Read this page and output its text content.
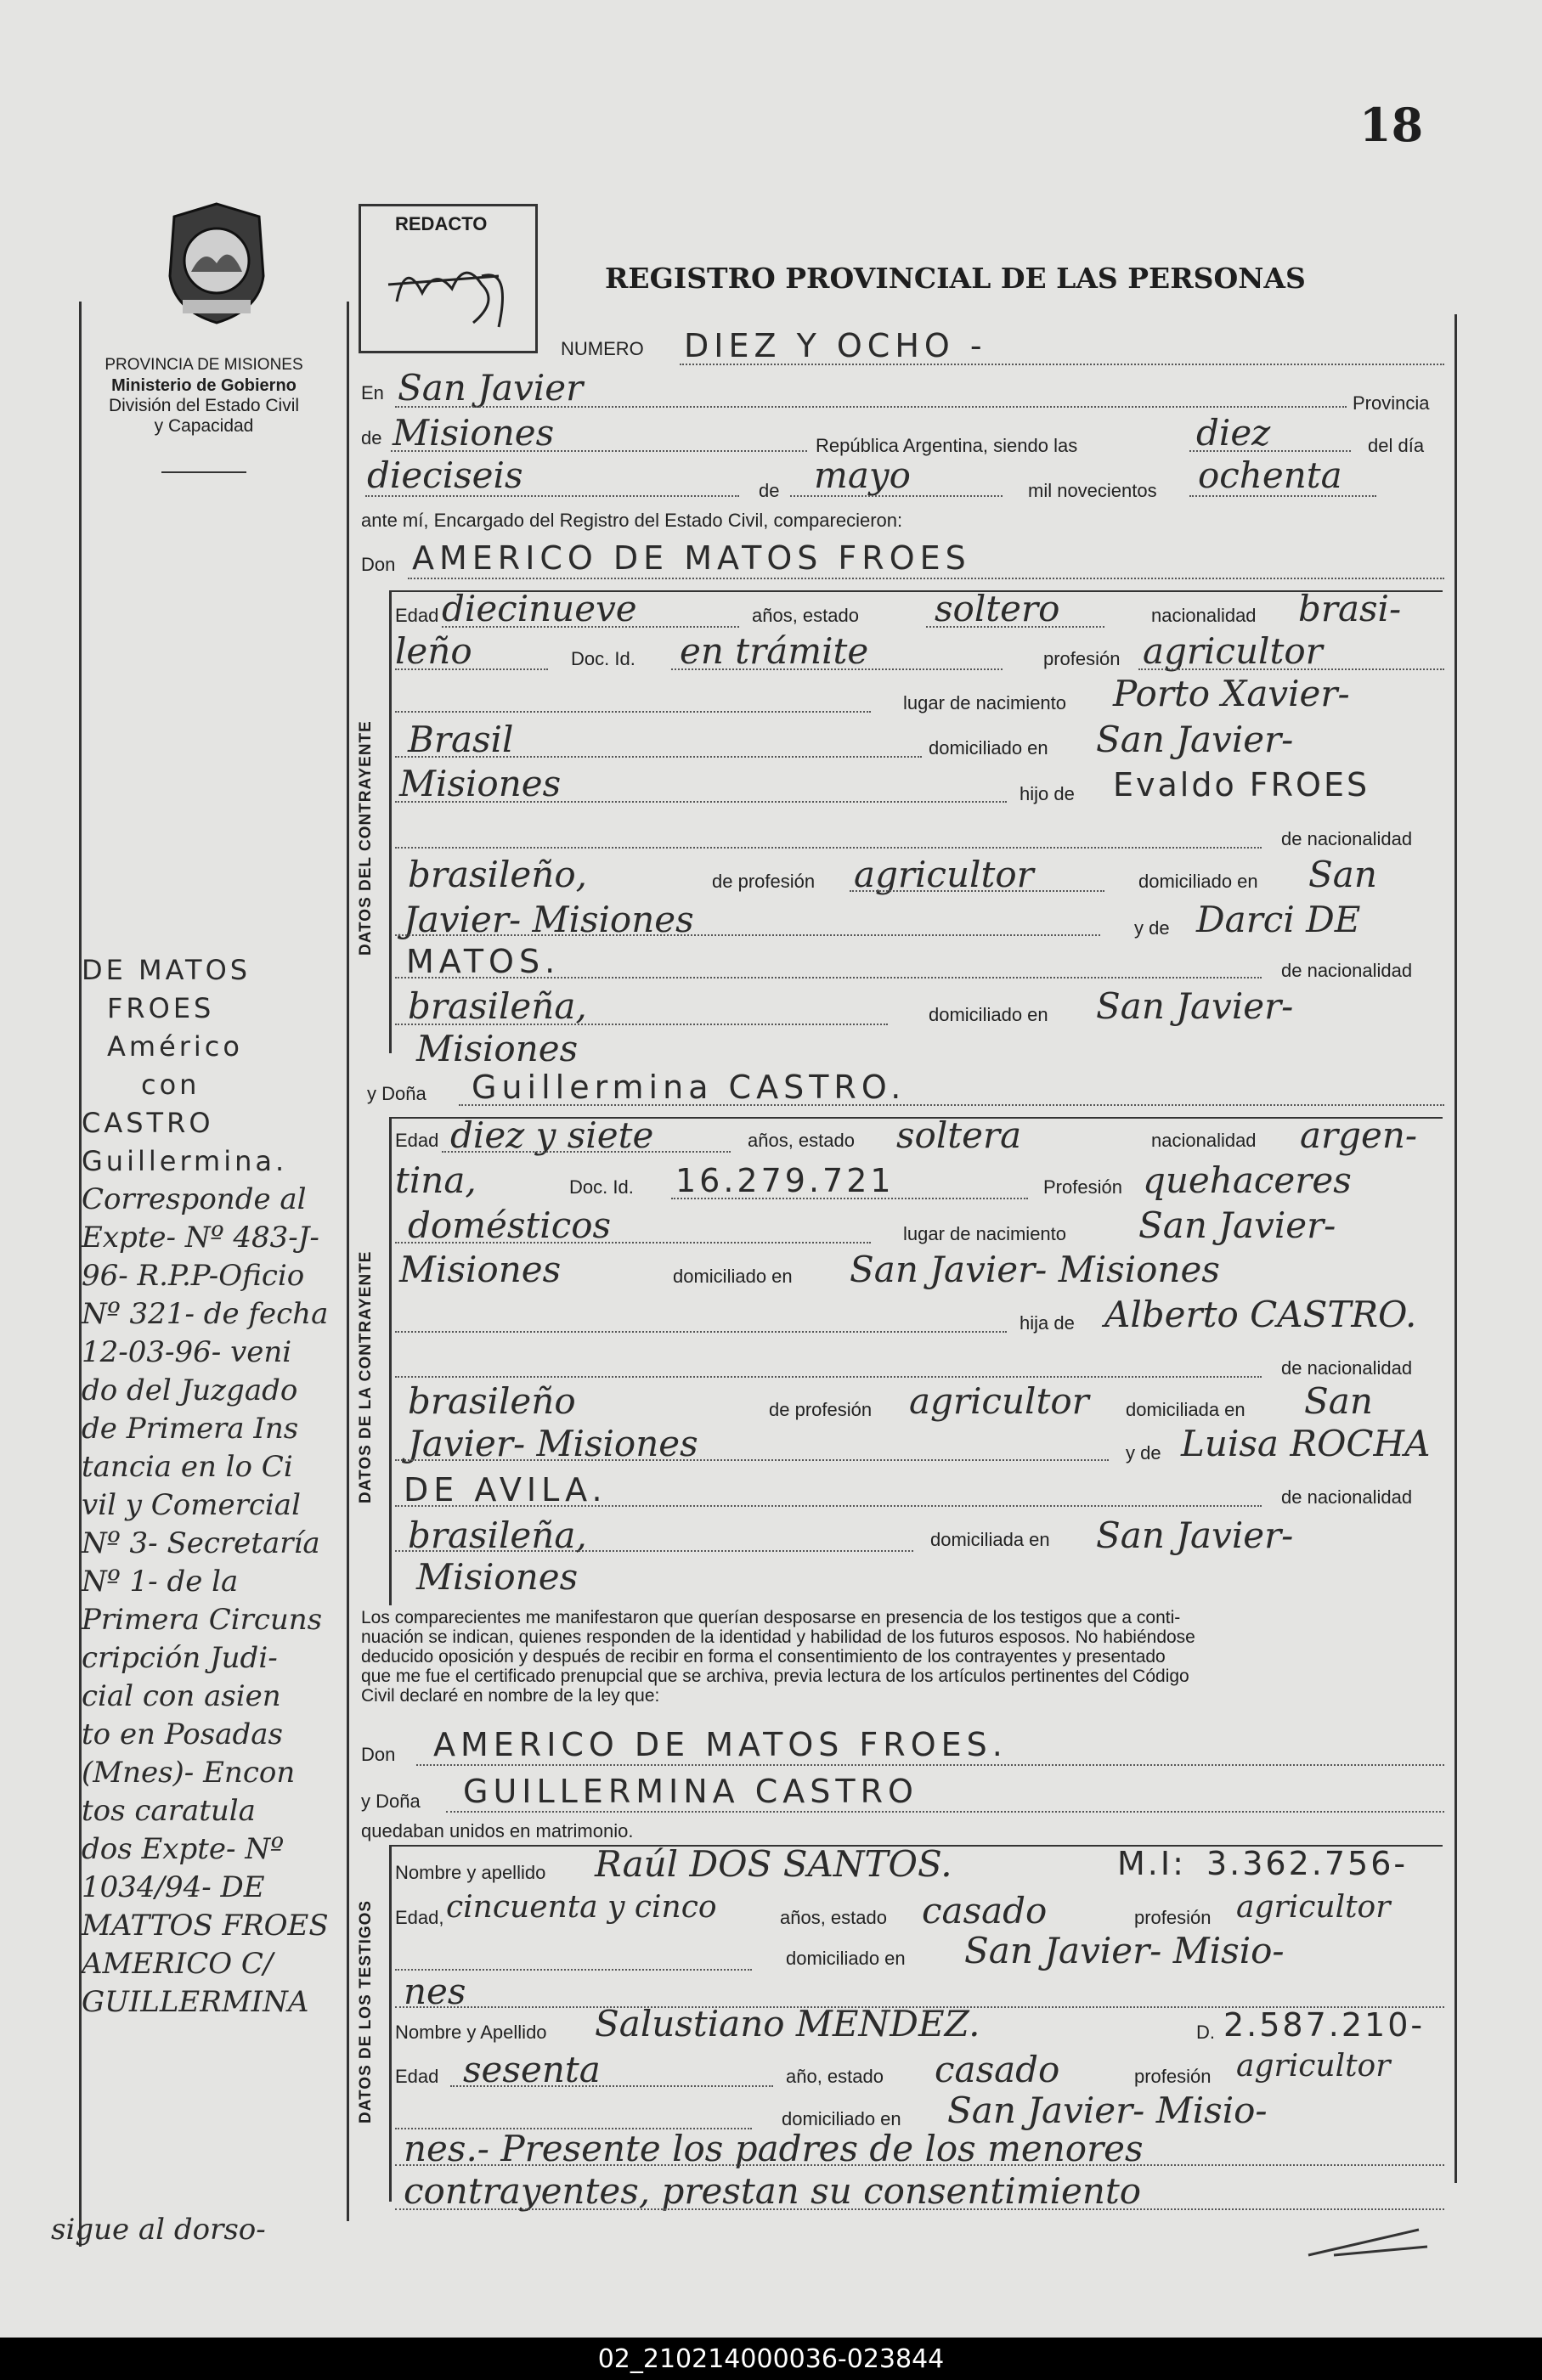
18
PROVINCIA DE MISIONES
Ministerio de Gobierno
División del Estado Civil
y Capacidad
REDACTO
REGISTRO PROVINCIAL DE LAS PERSONAS
NUMERO DIEZ Y OCHO -
En San Javier	Provincia
de Misiones	República Argentina, siendo las	diez	del día
dieciseis	de mayo	mil novecientos ochenta
ante mí, Encargado del Registro del Estado Civil, comparecieron:
Don AMERICO DE MATOS FROES
DATOS DEL CONTRAYENTE
Edad diecinueve	años, estado soltero	nacionalidad brasi-
leño	Doc. Id. en trámite	profesión agricultor
lugar de nacimiento Porto Xavier-
Brasil	domiciliado en San Javier-
Misiones	hijo de Evaldo FROES
de nacionalidad
brasileño,	de profesión agricultor	domiciliado en San
Javier- Misiones	y de Darci DE
MATOS.	de nacionalidad
brasileña,	domiciliado en San Javier-
Misiones
y Doña Guillermina CASTRO.
DATOS DE LA CONTRAYENTE
Edad diez y siete	años, estado soltera	nacionalidad argen-
tina,	Doc. Id. 16.279.721	Profesión quehaceres
domésticos	lugar de nacimiento San Javier-
Misiones	domiciliado en San Javier- Misiones
hija de Alberto CASTRO.
de nacionalidad
brasileño	de profesión agricultor domiciliada en San
Javier- Misiones	y de Luisa ROCHA
DE AVILA.	de nacionalidad
brasileña,	domiciliada en San Javier-
Misiones
Los comparecientes me manifestaron que querían desposarse en presencia de los testigos que a conti-
nuación se indican, quienes responden de la identidad y habilidad de los futuros esposos. No habiéndose
deducido oposición y después de recibir en forma el consentimiento de los contrayentes y presentado
que me fue el certificado prenupcial que se archiva, previa lectura de los artículos pertinentes del Código
Civil declaré en nombre de la ley que:
Don AMERICO DE MATOS FROES.
y Doña GUILLERMINA CASTRO
quedaban unidos en matrimonio.
DATOS DE LOS TESTIGOS
Nombre y apellido Raúl DOS SANTOS.	M.I: 3.362.756-
Edad, cincuenta y cinco	años, estado casado	profesión agricultor
domiciliado en San Javier- Misio-
nes
Nombre y Apellido Salustiano MENDEZ.	D. 2.587.210-
Edad sesenta	año, estado casado	profesión agricultor
domiciliado en San Javier- Misio-
nes.- Presente los padres de los menores
contrayentes, prestan su consentimiento
DE MATOS
FROES
Américo
con
CASTRO
Guillermina.
Corresponde al
Expte- Nº 483-J-
96- R.P.P-Oficio
Nº 321- de fecha
12-03-96- veni
do del Juzgado
de Primera Ins
tancia en lo Ci
vil y Comercial
Nº 3- Secretaría
Nº 1- de la
Primera Circuns
cripción Judi-
cial con asien
to en Posadas
(Mnes)- Encon
tos caratula
dos Expte- Nº
1034/94- DE
MATTOS FROES
AMERICO C/
GUILLERMINA
sigue al dorso-
02_210214000036-023844
